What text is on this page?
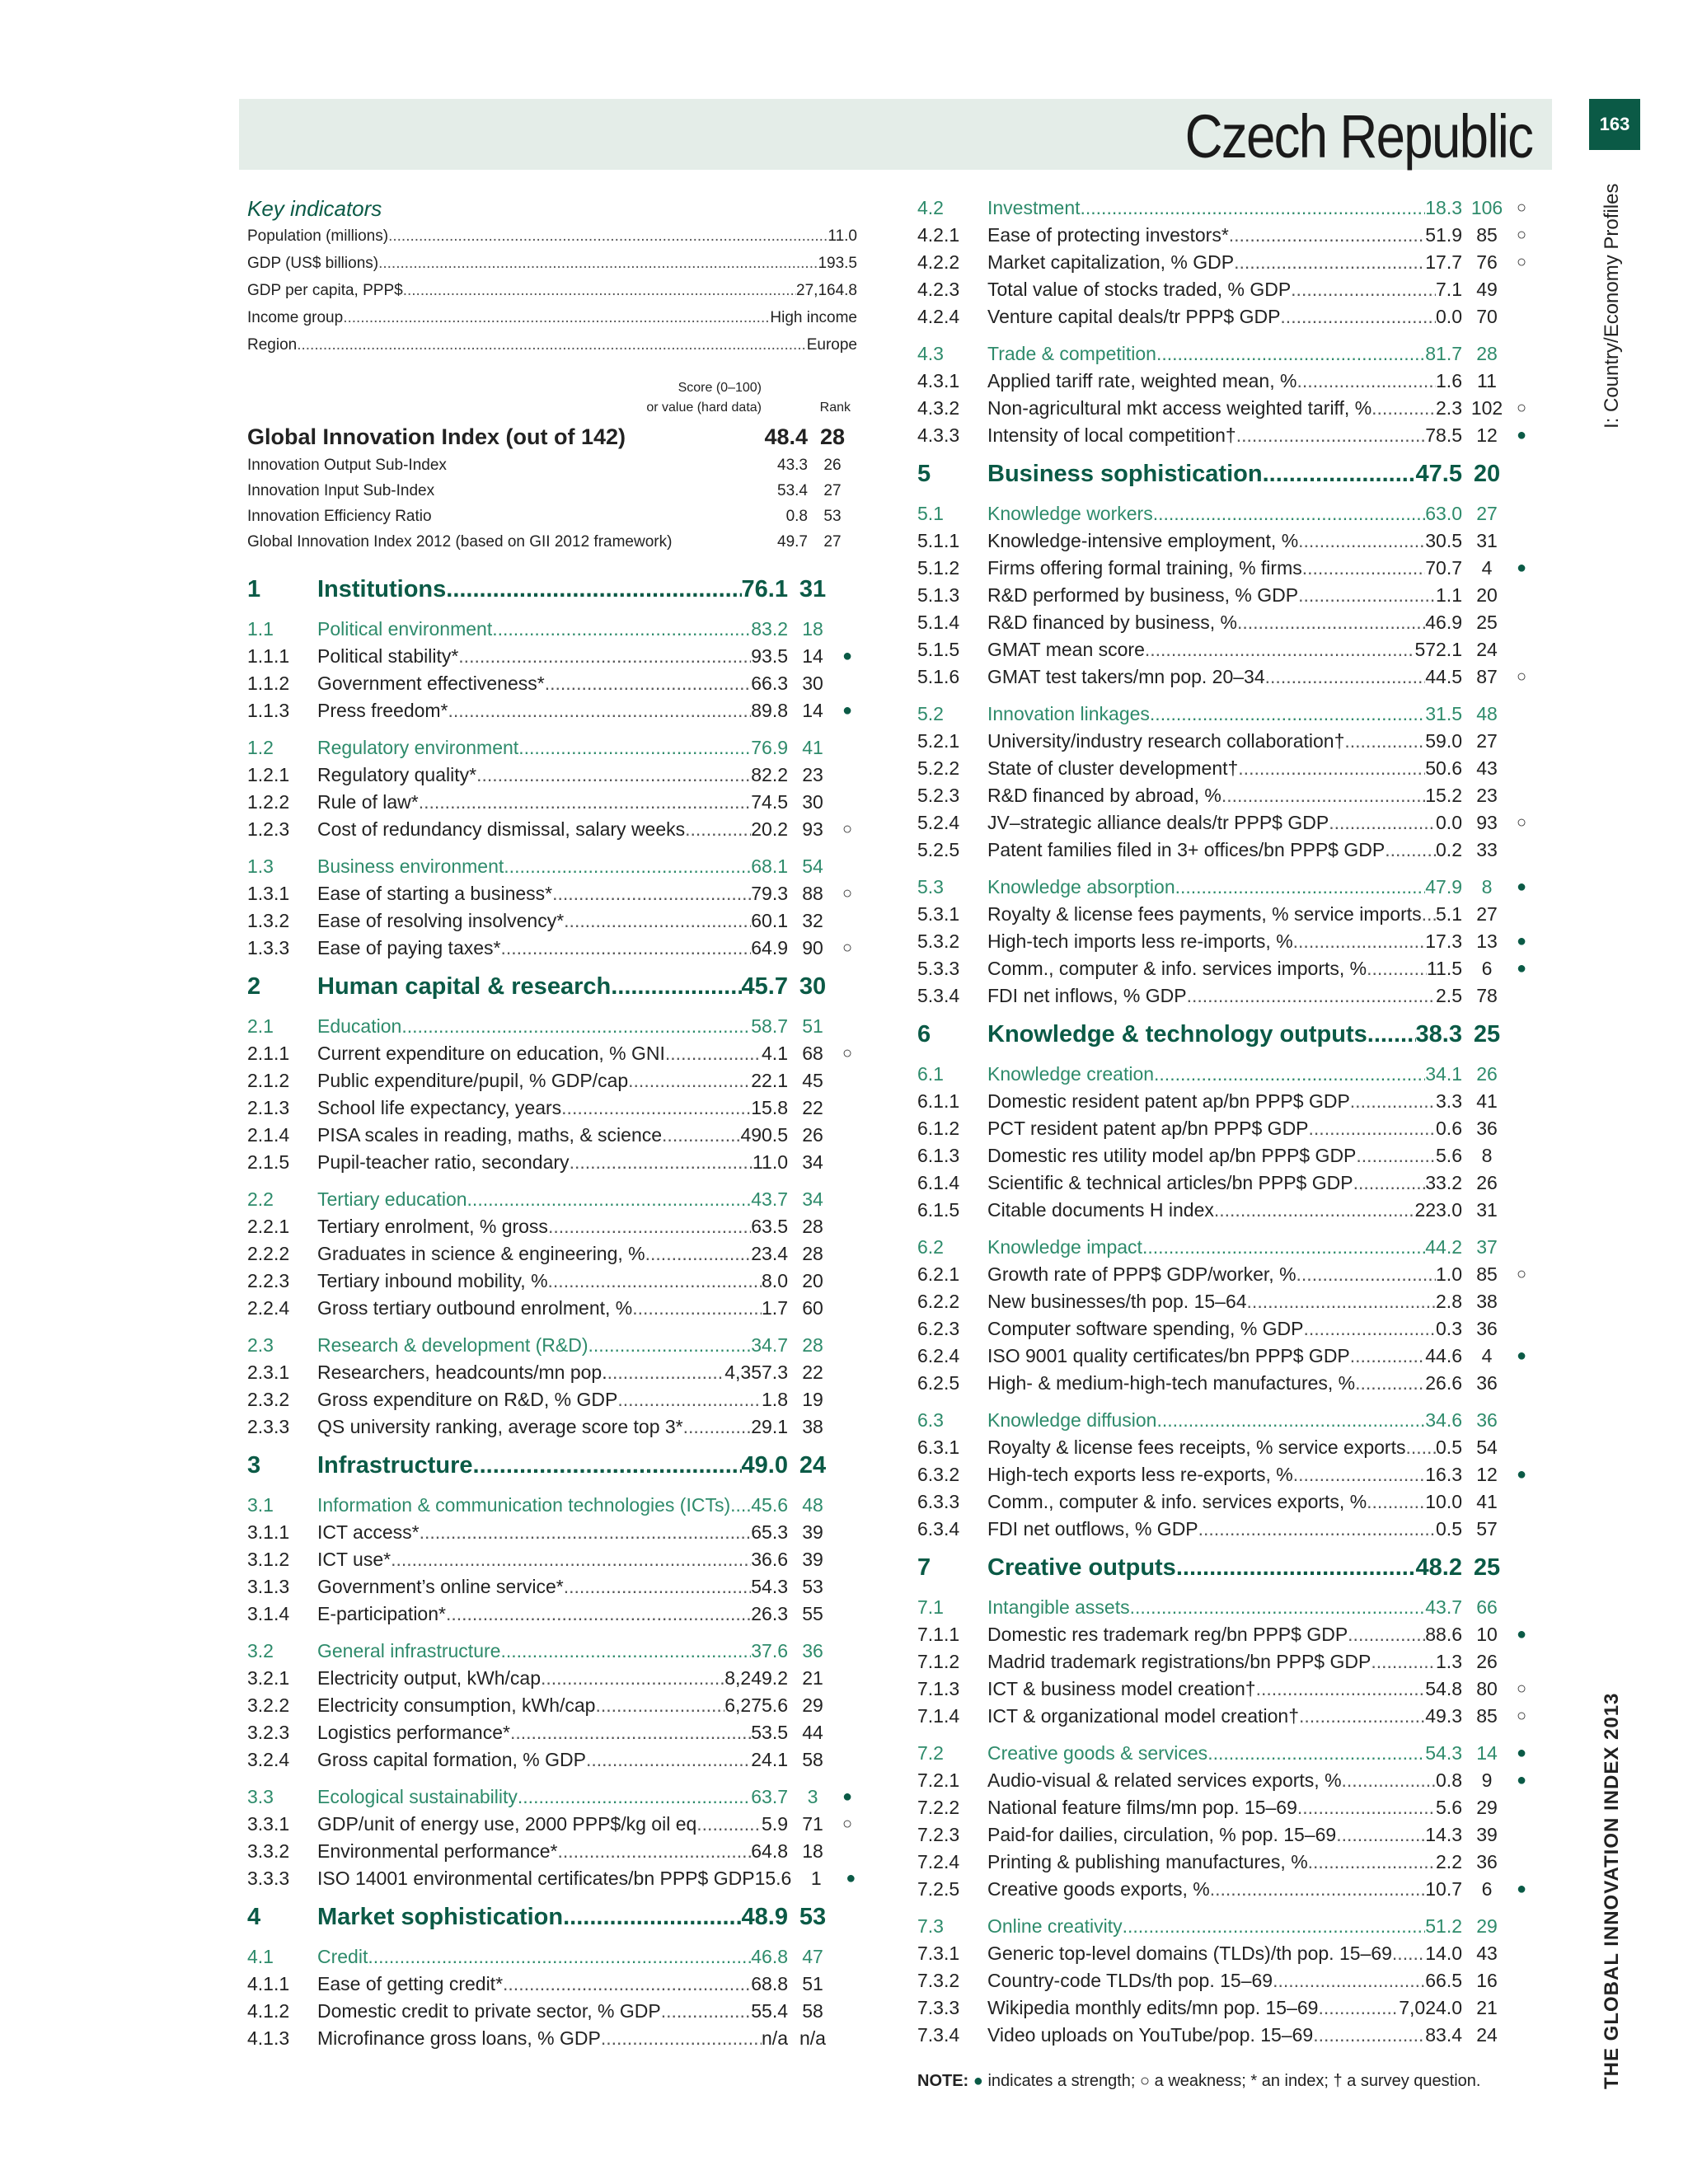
Czech Republic	163
I: Country/Economy Profiles
THE GLOBAL INNOVATION INDEX 2013
Key indicators
Population (millions) .....	11.0
GDP (US$ billions) .....	193.5
GDP per capita, PPP$ .....	27,164.8
Income group .....	High income
Region .....	Europe
Score (0–100)
or value (hard data)	Rank
Global Innovation Index (out of 142)	48.4 28
Innovation Output Sub-Index	43.3	26
Innovation Input Sub-Index	53.4	27
Innovation Efficiency Ratio	0.8	53
Global Innovation Index 2012 (based on GII 2012 framework)	49.7	27
1	Institutions .....	76.1 31
1.1	Political environment .....	83.2 18
1.1.1	Political stability* .....	93.5 14	●
1.1.2	Government effectiveness* .....	66.3 30
1.1.3	Press freedom* .....	89.8 14	●
1.2	Regulatory environment .....	76.9 41
1.2.1	Regulatory quality* .....	82.2 23
1.2.2	Rule of law* .....	74.5 30
1.2.3	Cost of redundancy dismissal, salary weeks .....	20.2 93	○
1.3	Business environment .....	68.1 54
1.3.1	Ease of starting a business* .....	79.3 88	○
1.3.2	Ease of resolving insolvency* .....	60.1 32
1.3.3	Ease of paying taxes* .....	64.9 90	○
2	Human capital & research .....	45.7 30
2.1	Education .....	58.7 51
2.1.1	Current expenditure on education, % GNI .....	4.1 68	○
2.1.2	Public expenditure/pupil, % GDP/cap .....	22.1 45
2.1.3	School life expectancy, years .....	15.8 22
2.1.4	PISA scales in reading, maths, & science .....	490.5 26
2.1.5	Pupil-teacher ratio, secondary .....	11.0 34
2.2	Tertiary education .....	43.7 34
2.2.1	Tertiary enrolment, % gross .....	63.5 28
2.2.2	Graduates in science & engineering, % .....	23.4 28
2.2.3	Tertiary inbound mobility, % .....	8.0 20
2.2.4	Gross tertiary outbound enrolment, % .....	1.7 60
2.3	Research & development (R&D) .....	34.7 28
2.3.1	Researchers, headcounts/mn pop. .....	4,357.3 22
2.3.2	Gross expenditure on R&D, % GDP .....	1.8 19
2.3.3	QS university ranking, average score top 3* .....	29.1 38
3	Infrastructure .....	49.0 24
3.1	Information & communication technologies (ICTs) ..... 45.6 48
3.1.1	ICT access* .....	65.3 39
3.1.2	ICT use* .....	36.6 39
3.1.3	Government’s online service* .....	54.3 53
3.1.4	E-participation* .....	26.3 55
3.2	General infrastructure .....	37.6 36
3.2.1	Electricity output, kWh/cap .....	8,249.2 21
3.2.2	Electricity consumption, kWh/cap .....	6,275.6 29
3.2.3	Logistics performance* .....	53.5 44
3.2.4	Gross capital formation, % GDP .....	24.1 58
3.3	Ecological sustainability .....	63.7	3	●
3.3.1	GDP/unit of energy use, 2000 PPP$/kg oil eq .....	5.9 71	○
3.3.2	Environmental performance* .....	64.8 18
3.3.3	ISO 14001 environmental certificates/bn PPP$ GDP 15.6	1	●
4	Market sophistication .....	48.9 53
4.1	Credit .....	46.8 47
4.1.1	Ease of getting credit* .....	68.8 51
4.1.2	Domestic credit to private sector, % GDP .....	55.4 58
4.1.3	Microfinance gross loans, % GDP .....	n/a n/a
4.2	Investment .....	18.3 106 ○
4.2.1	Ease of protecting investors* .....	51.9 85	○
4.2.2	Market capitalization, % GDP .....	17.7 76	○
4.2.3	Total value of stocks traded, % GDP .....	7.1 49
4.2.4	Venture capital deals/tr PPP$ GDP .....	0.0 70
4.3	Trade & competition .....	81.7 28
4.3.1	Applied tariff rate, weighted mean, % .....	1.6 11
4.3.2	Non-agricultural mkt access weighted tariff, % .....	2.3 102 ○
4.3.3	Intensity of local competition† .....	78.5 12	●
5	Business sophistication .....	47.5 20
5.1	Knowledge workers .....	63.0 27
5.1.1	Knowledge-intensive employment, % .....	30.5 31
5.1.2	Firms offering formal training, % firms .....	70.7	4	●
5.1.3	R&D performed by business, % GDP .....	1.1 20
5.1.4	R&D financed by business, % .....	46.9 25
5.1.5	GMAT mean score .....	572.1 24
5.1.6	GMAT test takers/mn pop. 20–34 .....	44.5 87	○
5.2	Innovation linkages .....	31.5 48
5.2.1	University/industry research collaboration† .....	59.0 27
5.2.2	State of cluster development† .....	50.6 43
5.2.3	R&D financed by abroad, % .....	15.2 23
5.2.4	JV–strategic alliance deals/tr PPP$ GDP .....	0.0 93	○
5.2.5	Patent families filed in 3+ offices/bn PPP$ GDP .....	0.2 33
5.3	Knowledge absorption .....	47.9	8	●
5.3.1	Royalty & license fees payments, % service imports ..... 5.1 27
5.3.2	High-tech imports less re-imports, % .....	17.3 13	●
5.3.3	Comm., computer & info. services imports, % .....	11.5	6	●
5.3.4	FDI net inflows, % GDP .....	2.5 78
6	Knowledge & technology outputs ..... 38.3 25
6.1	Knowledge creation .....	34.1 26
6.1.1	Domestic resident patent ap/bn PPP$ GDP .....	3.3 41
6.1.2	PCT resident patent ap/bn PPP$ GDP .....	0.6 36
6.1.3	Domestic res utility model ap/bn PPP$ GDP .....	5.6	8
6.1.4	Scientific & technical articles/bn PPP$ GDP .....	33.2 26
6.1.5	Citable documents H index .....	223.0 31
6.2	Knowledge impact .....	44.2 37
6.2.1	Growth rate of PPP$ GDP/worker, % .....	1.0 85	○
6.2.2	New businesses/th pop. 15–64 .....	2.8 38
6.2.3	Computer software spending, % GDP .....	0.3 36
6.2.4	ISO 9001 quality certificates/bn PPP$ GDP .....	44.6	4	●
6.2.5	High- & medium-high-tech manufactures, % .....	26.6 36
6.3	Knowledge diffusion .....	34.6 36
6.3.1	Royalty & license fees receipts, % service exports ..... 0.5 54
6.3.2	High-tech exports less re-exports, % .....	16.3 12	●
6.3.3	Comm., computer & info. services exports, % .....	10.0 41
6.3.4	FDI net outflows, % GDP .....	0.5 57
7	Creative outputs .....	48.2 25
7.1	Intangible assets .....	43.7 66
7.1.1	Domestic res trademark reg/bn PPP$ GDP .....	88.6 10	●
7.1.2	Madrid trademark registrations/bn PPP$ GDP .....	1.3 26
7.1.3	ICT & business model creation† .....	54.8 80	○
7.1.4	ICT & organizational model creation† .....	49.3 85	○
7.2	Creative goods & services .....	54.3 14	●
7.2.1	Audio-visual & related services exports, % .....	0.8	9	●
7.2.2	National feature films/mn pop. 15–69 .....	5.6 29
7.2.3	Paid-for dailies, circulation, % pop. 15–69 .....	14.3 39
7.2.4	Printing & publishing manufactures, % .....	2.2 36
7.2.5	Creative goods exports, % .....	10.7	6	●
7.3	Online creativity .....	51.2 29
7.3.1	Generic top-level domains (TLDs)/th pop. 15–69 ..... 14.0 43
7.3.2	Country-code TLDs/th pop. 15–69 .....	66.5 16
7.3.3	Wikipedia monthly edits/mn pop. 15–69 .....	7,024.0 21
7.3.4	Video uploads on YouTube/pop. 15–69 .....	83.4 24
NOTE: ● indicates a strength; ○ a weakness; * an index; † a survey question.
